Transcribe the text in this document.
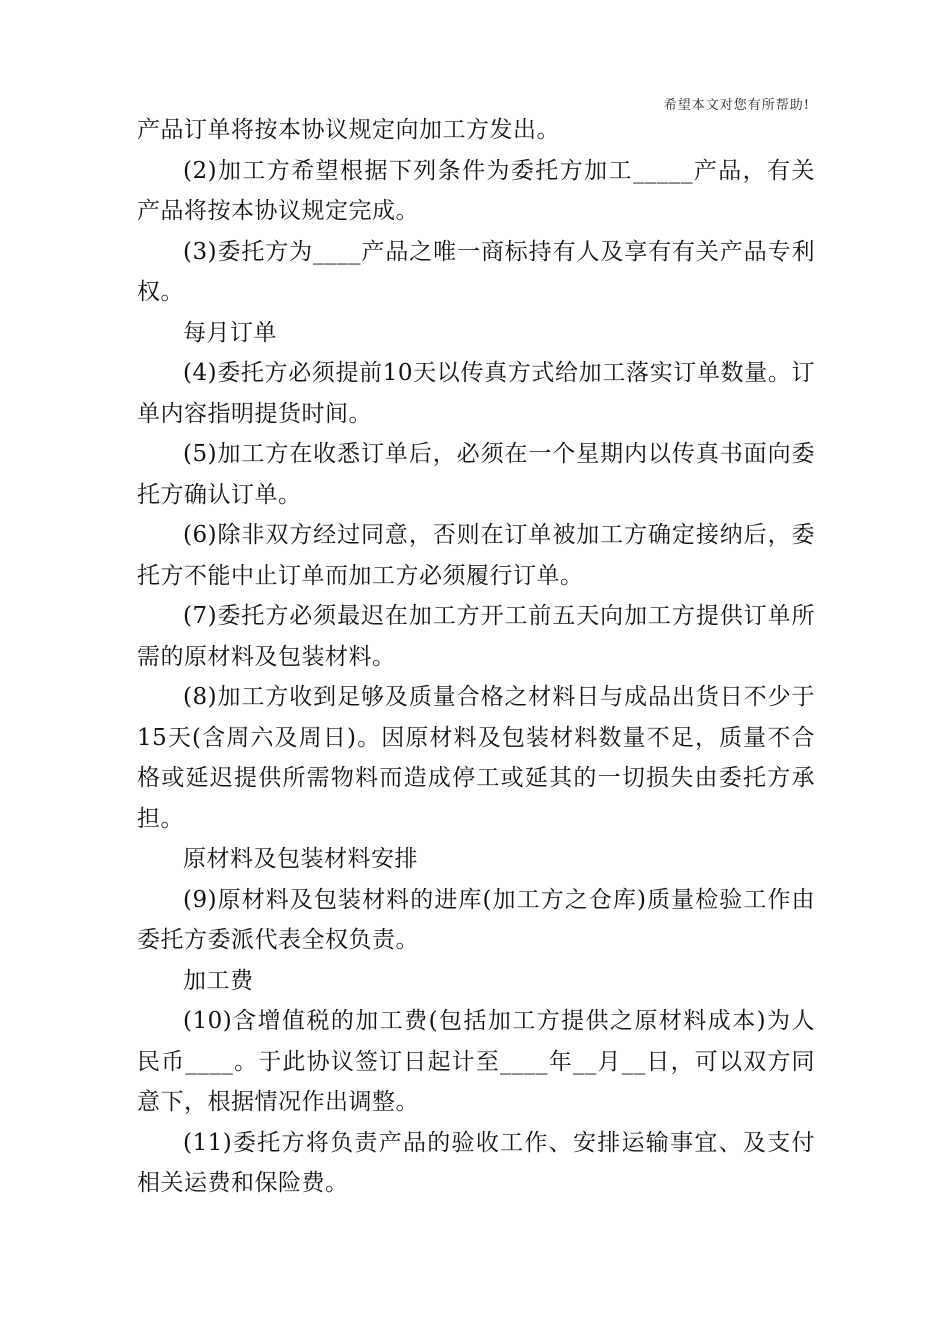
希望本文对您有所帮助!

产品订单将按本协议规定向加工方发出。

(2)加工方希望根据下列条件为委托方加工_____产品，有关产品将按本协议规定完成。

(3)委托方为____产品之唯一商标持有人及享有有关产品专利权。

每月订单

(4)委托方必须提前10天以传真方式给加工落实订单数量。订单内容指明提货时间。

(5)加工方在收悉订单后，必须在一个星期内以传真书面向委托方确认订单。

(6)除非双方经过同意，否则在订单被加工方确定接纳后，委托方不能中止订单而加工方必须履行订单。

(7)委托方必须最迟在加工方开工前五天向加工方提供订单所需的原材料及包装材料。

(8)加工方收到足够及质量合格之材料日与成品出货日不少于15天(含周六及周日)。因原材料及包装材料数量不足，质量不合格或延迟提供所需物料而造成停工或延其的一切损失由委托方承担。

原材料及包装材料安排

(9)原材料及包装材料的进库(加工方之仓库)质量检验工作由委托方委派代表全权负责。

加工费

(10)含增值税的加工费(包括加工方提供之原材料成本)为人民币____。于此协议签订日起计至____年__月__日，可以双方同意下，根据情况作出调整。

(11)委托方将负责产品的验收工作、安排运输事宜、及支付相关运费和保险费。
